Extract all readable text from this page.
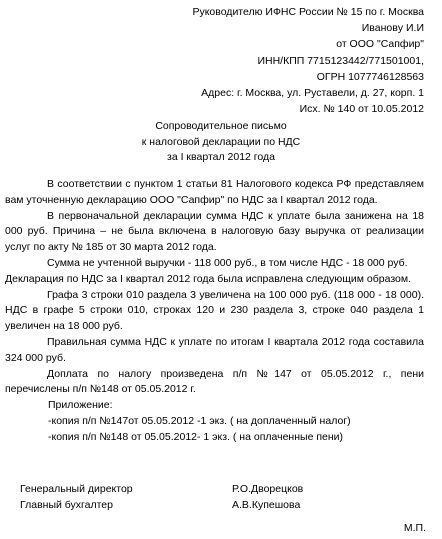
Руководителю ИФНС России № 15 по г. Москва
Ивановy И.И
от ООО "Сапфир"
ИНН/КПП 7715123442/771501001,
ОГРН 1077746128563
Адрес: г. Москва, ул. Руставели, д. 27, корп. 1
Исх. № 140 от 10.05.2012
Сопроводительное письмо
к налоговой декларации по НДС
за I квартал 2012 года

В соответствии с пунктом 1 статьи 81 Налогового кодекса РФ представляем вам уточненную декларацию ООО "Сапфир" по НДС за I квартал 2012 года.

В первоначальной декларации сумма НДС к уплате была занижена на 18 000 руб. Причина – не была включена в налоговую базу выручка от реализации услуг по акту № 185 от 30 марта 2012 года.

Сумма не учтенной выручки - 118 000 руб., в том числе НДС - 18 000 руб.

Декларация по НДС за I квартал 2012 года была исправлена следующим образом.

Графа 3 строки 010 раздела 3 увеличена на 100 000 руб. (118 000 - 18 000). НДС в графе 5 строки 010, строках 120 и 230 раздела 3, строке 040 раздела 1 увеличен на 18 000 руб.

Правильная сумма НДС к уплате по итогам I квартала 2012 года составила 324 000 руб.

Доплата по налогу произведена п/п №147 от 05.05.2012 г., пени перечислены п/п №148 от 05.05.2012 г.

Приложение:

-копия п/п №147от 05.05.2012 -1 экз. ( на доплаченный налог)

-копия п/п №148 от 05.05.2012- 1 экз. ( на оплаченные пени)

Генеральный директор	Р.О.Дворецков
Главный бухгалтер	А.В.Купешова
М.П.
